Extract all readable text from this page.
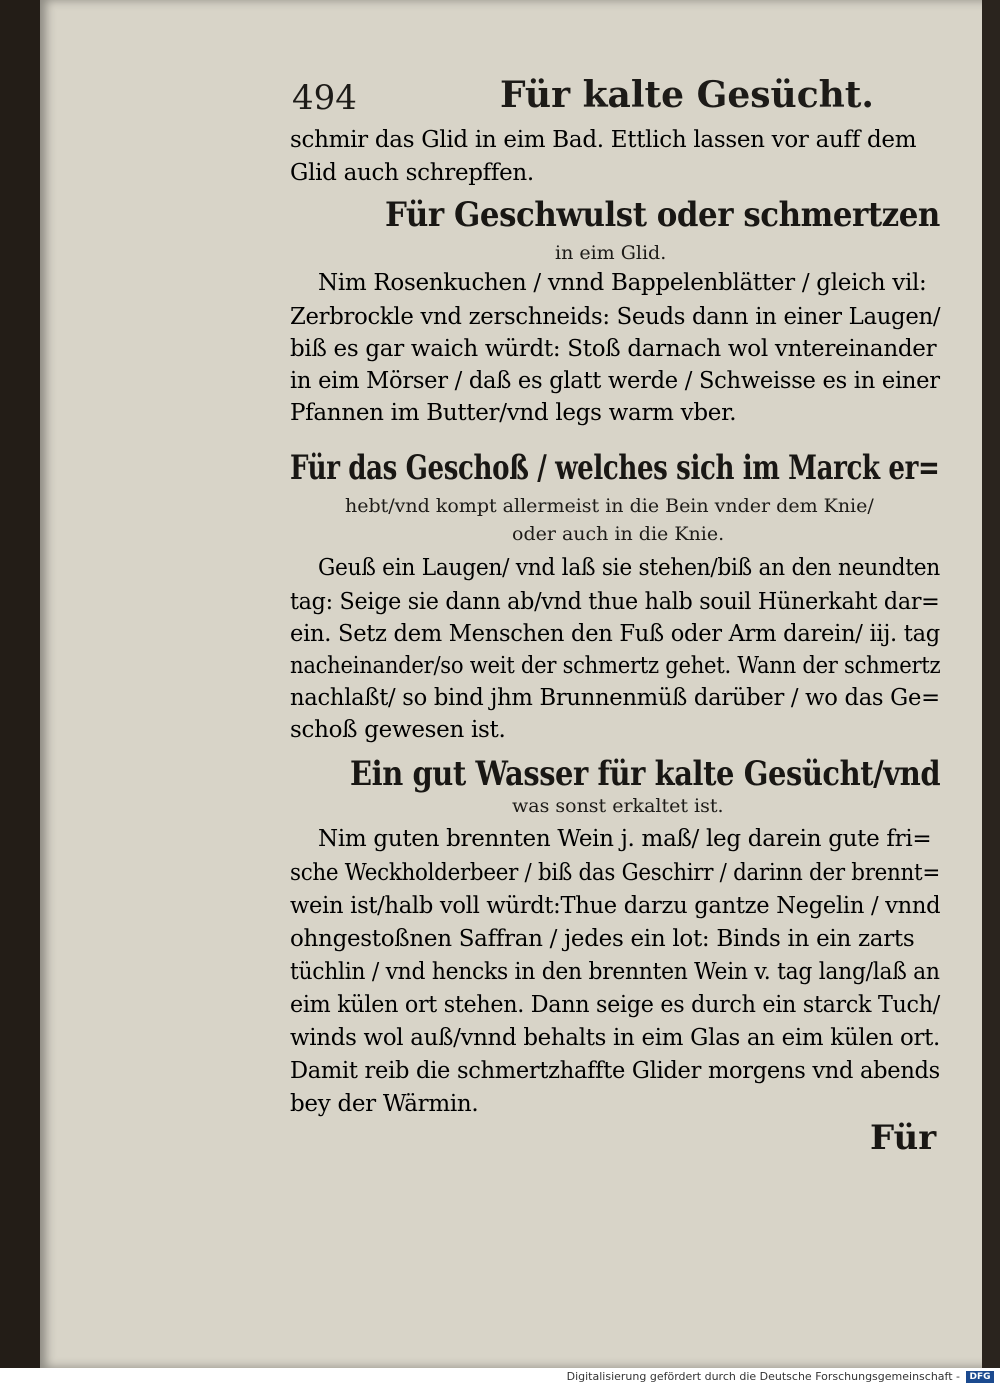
494	Für kalte Gesücht.
schmir das Glid in eim Bad. Ettlich lassen vor auff dem
Glid auch schrepffen.
Für Geschwulst oder schmertzen
in eim Glid.
Nim Rosenkuchen / vnnd Bappelenblätter / gleich vil:
Zerbrockle vnd zerschneids: Seuds dann in einer Laugen/
biß es gar waich würdt: Stoß darnach wol vntereinander
in eim Mörser / daß es glatt werde / Schweisse es in einer
Pfannen im Butter/vnd legs warm vber.
Für das Geschoß / welches sich im Marck er=
hebt/vnd kompt allermeist in die Bein vnder dem Knie/
oder auch in die Knie.
Geuß ein Laugen/ vnd laß sie stehen/biß an den neundten
tag: Seige sie dann ab/vnd thue halb souil Hünerkaht dar=
ein. Setz dem Menschen den Fuß oder Arm darein/ iij. tag
nacheinander/so weit der schmertz gehet. Wann der schmertz
nachlaßt/ so bind jhm Brunnenmüß darüber / wo das Ge=
schoß gewesen ist.
Ein gut Wasser für kalte Gesücht/vnd
was sonst erkaltet ist.
Nim guten brennten Wein j. maß/ leg darein gute fri=
sche Weckholderbeer / biß das Geschirr / darinn der brennt=
wein ist/halb voll würdt:Thue darzu gantze Negelin / vnnd
ohngestoßnen Saffran / jedes ein lot: Binds in ein zarts
tüchlin / vnd hencks in den brennten Wein v. tag lang/laß an
eim külen ort stehen. Dann seige es durch ein starck Tuch/
winds wol auß/vnnd behalts in eim Glas an eim külen ort.
Damit reib die schmertzhaffte Glider morgens vnd abends
bey der Wärmin.
Für
Digitalisierung gefördert durch die Deutsche Forschungsgemeinschaft -	DFG
